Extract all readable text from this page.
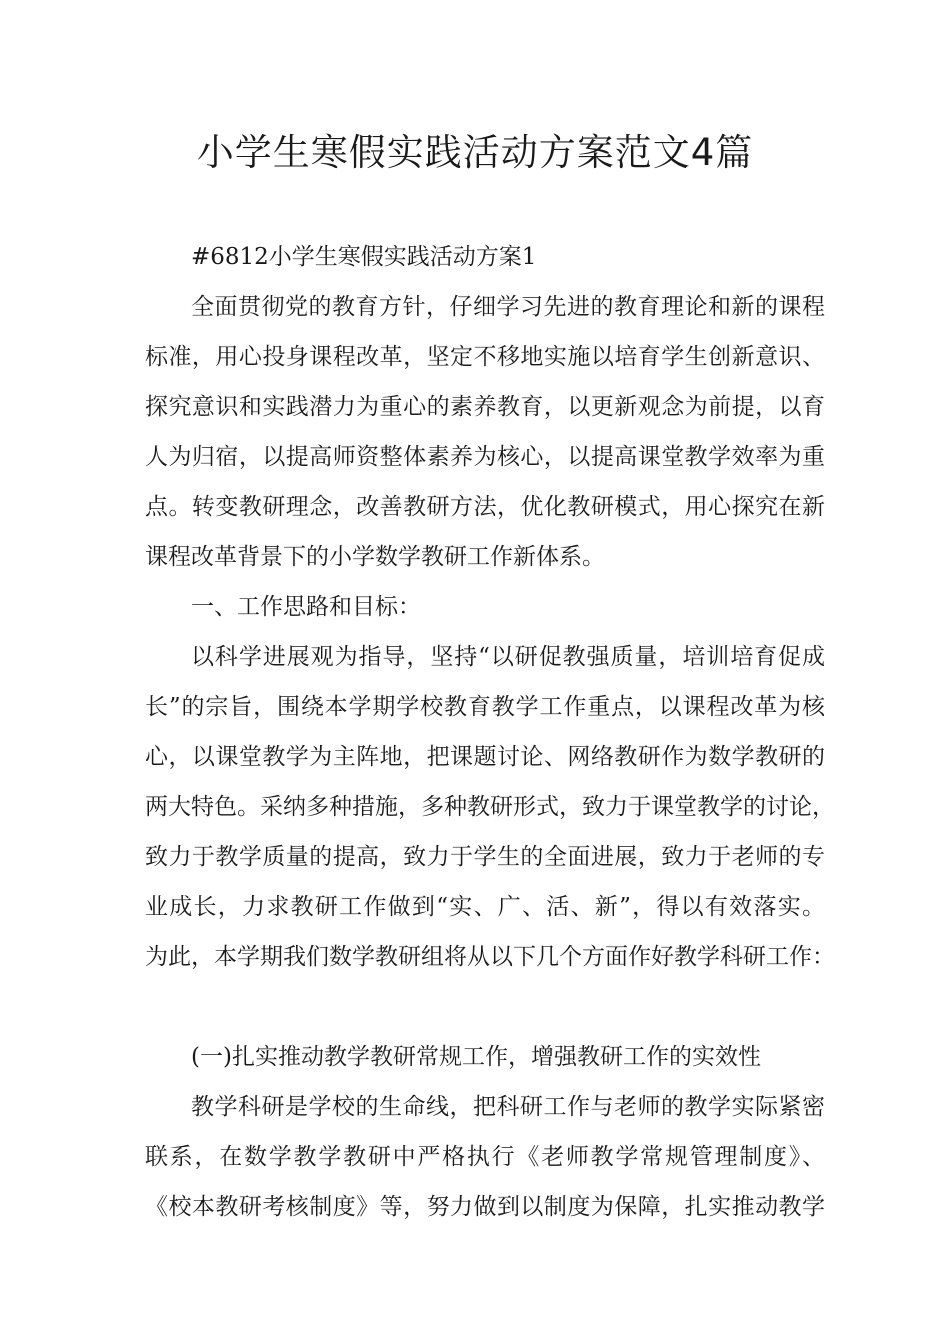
小学生寒假实践活动方案范文4篇
#6812小学生寒假实践活动方案1
全面贯彻党的教育方针，仔细学习先进的教育理论和新的课程
标准，用心投身课程改革，坚定不移地实施以培育学生创新意识、
探究意识和实践潜力为重心的素养教育，以更新观念为前提，以育
人为归宿，以提高师资整体素养为核心，以提高课堂教学效率为重
点。转变教研理念，改善教研方法，优化教研模式，用心探究在新
课程改革背景下的小学数学教研工作新体系。
一、工作思路和目标：
以科学进展观为指导，坚持“以研促教强质量，培训培育促成
长”的宗旨，围绕本学期学校教育教学工作重点，以课程改革为核
心，以课堂教学为主阵地，把课题讨论、网络教研作为数学教研的
两大特色。采纳多种措施，多种教研形式，致力于课堂教学的讨论，
致力于教学质量的提高，致力于学生的全面进展，致力于老师的专
业成长，力求教研工作做到“实、广、活、新”，得以有效落实。
为此，本学期我们数学教研组将从以下几个方面作好教学科研工作：
(一)扎实推动教学教研常规工作，增强教研工作的实效性
教学科研是学校的生命线，把科研工作与老师的教学实际紧密
联系，在数学教学教研中严格执行《老师教学常规管理制度》、
《校本教研考核制度》等，努力做到以制度为保障，扎实推动教学
